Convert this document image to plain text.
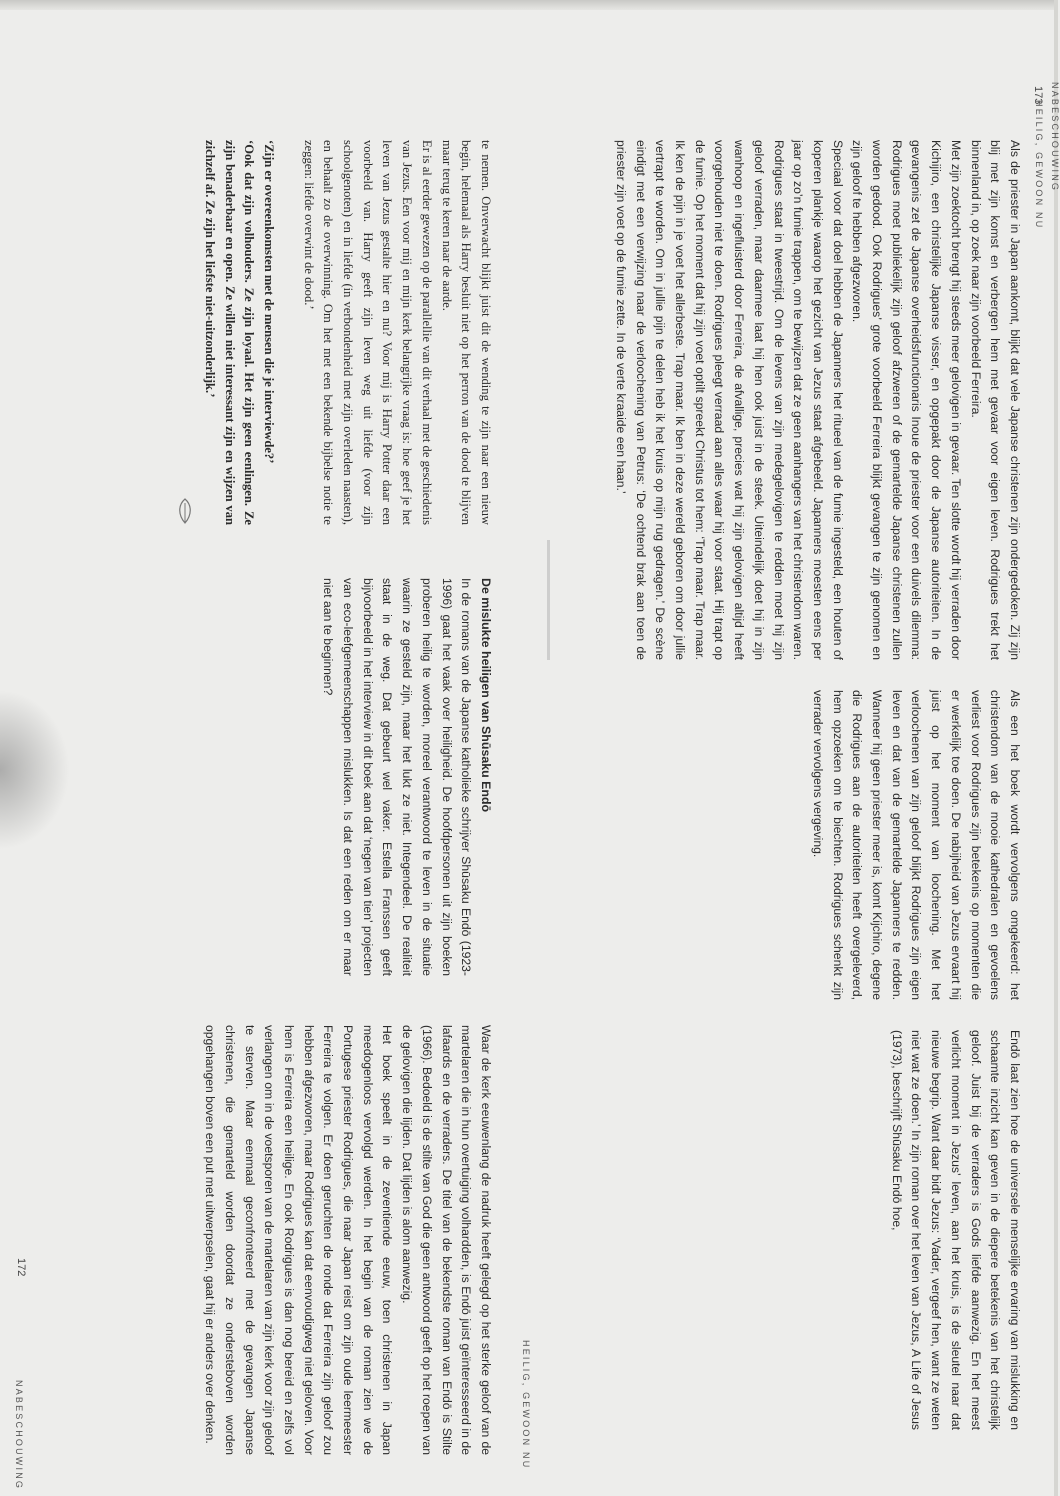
te nemen. Onverwacht blijkt juist dit de wending te zijn naar een nieuw begin, helemaal als Harry besluit niet op het perron van de dood te blijven maar terug te keren naar de aarde.

Er is al eerder gewezen op de parallellie van dit verhaal met de geschiedenis van Jezus. Een voor mij en mijn kerk belangrijke vraag is: hoe geef je het leven van Jezus gestalte hier en nu? Voor mij is Harry Potter daar een voorbeeld van. Harry geeft zijn leven weg uit liefde (voor zijn schoolgenoten) en in liefde (in verbondenheid met zijn overleden naasten), en behaalt zo de overwinning. Om het met een bekende bijbelse notie te zeggen: liefde overwint de dood.’

‘Zijn er overeenkomsten met de mensen die je interviewde?’

‘Ook dat zijn volhouders. Ze zijn loyaal. Het zijn geen eenlingen. Ze zijn benaderbaar en open. Ze willen niet interessant zijn en wijzen van zichzelf af. Ze zijn het liefste niet-uitzonderlijk.’

De mislukte heiligen van Shūsaku Endō

In de romans van de Japanse katholieke schrijver Shūsaku Endō (1923-1996) gaat het vaak over heiligheid. De hoofdpersonen uit zijn boeken proberen heilig te worden, moreel verantwoord te leven in de situatie waarin ze gesteld zijn, maar het lukt ze niet. Integendeel. De realiteit staat in de weg. Dat gebeurt wel vaker. Estella Franssen geeft bijvoorbeeld in het interview in dit boek aan dat ‘negen van tien’ projecten van eco-leefgemeenschappen mislukken. Is dat een reden om er maar niet aan te beginnen?

Waar de kerk eeuwenlang de nadruk heeft gelegd op het sterke geloof van de martelaren die in hun overtuiging volhardden, is Endō juist geïnteresseerd in de lafaards en de verraders. De titel van de bekendste roman van Endō is Stilte (1966). Bedoeld is de stilte van God die geen antwoord geeft op het roepen van de gelovigen die lijden. Dat lijden is alom aanwezig.

Het boek speelt in de zeventiende eeuw, toen christenen in Japan meedogenloos vervolgd werden. In het begin van de roman zien we de Portugese priester Rodrigues, die naar Japan reist om zijn oude leermeester Ferreira te volgen. Er doen geruchten de ronde dat Ferreira zijn geloof zou hebben afgezworen, maar Rodrigues kan dat eenvoudigweg niet geloven. Voor hem is Ferreira een heilige. En ook Rodrigues is dan nog bereid en zelfs vol verlangen om in de voetsporen van de martelaren van zijn kerk voor zijn geloof te sterven. Maar eenmaal geconfronteerd met de gevangen Japanse christenen, die gemarteld worden doordat ze ondersteboven worden opgehangen boven een put met uitwerpselen, gaat hij er anders over denken.

NABESCHOUWING
172
HEILIG, GEWOON NU
NABESCHOUWING
173
HEILIG, GEWOON NU

Als de priester in Japan aankomt, blijkt dat vele Japanse christenen zijn ondergedoken. Zij zijn blij met zijn komst en verbergen hem met gevaar voor eigen leven. Rodrigues trekt het binnenland in, op zoek naar zijn voorbeeld Ferreira.

Met zijn zoektocht brengt hij steeds meer gelovigen in gevaar. Ten slotte wordt hij verraden door Kichijiro, een christelijke Japanse visser, en opgepakt door de Japanse autoriteiten. In de gevangenis zet de Japanse overheidsfunctionaris Inoue de priester voor een duivels dilemma: Rodrigues moet publiekelijk zijn geloof afzweren of de gemartelde Japanse christenen zullen worden gedood. Ook Rodrigues’ grote voorbeeld Ferreira blijkt gevangen te zijn genomen en zijn geloof te hebben afgezworen.

Speciaal voor dat doel hebben de Japanners het ritueel van de fumie ingesteld, een houten of koperen plankje waarop het gezicht van Jezus staat afgebeeld. Japanners moesten eens per jaar op zo’n fumie trappen, om te bewijzen dat ze geen aanhangers van het christendom waren. Rodrigues staat in tweestrijd. Om de levens van zijn medegelovigen te redden moet hij zijn geloof verraden, maar daarmee laat hij hen ook juist in de steek. Uiteindelijk doet hij in zijn wanhoop en ingefluisterd door Ferreira, de afvallige, precies wat hij zijn gelovigen altijd heeft voorgehouden niet te doen. Rodrigues pleegt verraad aan alles waar hij voor staat. Hij trapt op de fumie. Op het moment dat hij zijn voet optilt spreekt Christus tot hem: ‘Trap maar. Trap maar. Ik ken de pijn in je voet het allerbeste. Trap maar. Ik ben in deze wereld geboren om door jullie vertrapt te worden. Om in jullie pijn te delen heb ik het kruis op mijn rug gedragen.’ De scène eindigt met een verwijzing naar de verloochening van Petrus: ‘De ochtend brak aan toen de priester zijn voet op de fumie zette. In de verte kraaide een haan.’

Als een het boek wordt vervolgens omgekeerd: het christendom van de mooie kathedralen en gevoelens verliest voor Rodrigues zijn betekenis op momenten die er werkelijk toe doen. De nabijheid van Jezus ervaart hij juist op het moment van loochening. Met het verloochenen van zijn geloof blijkt Rodrigues zijn eigen leven en dat van de gemartelde Japanners te redden. Wanneer hij geen priester meer is, komt Kijchiro, degene die Rodrigues aan de autoriteiten heeft overgeleverd, hem opzoeken om te biechten. Rodrigues schenkt zijn verrader vervolgens vergeving.

Endō laat zien hoe de universele menselijke ervaring van mislukking en schaamte inzicht kan geven in de diepere betekenis van het christelijk geloof. Juist bij de verraders is Gods liefde aanwezig. En het meest verlicht moment in Jezus’ leven, aan het kruis, is de sleutel naar dat nieuwe begrip. Want daar bidt Jezus: ‘Vader, vergeef hen, want ze weten niet wat ze doen.’ In zijn roman over het leven van Jezus, A Life of Jesus (1973), beschrijft Shūsaku Endō hoe,
